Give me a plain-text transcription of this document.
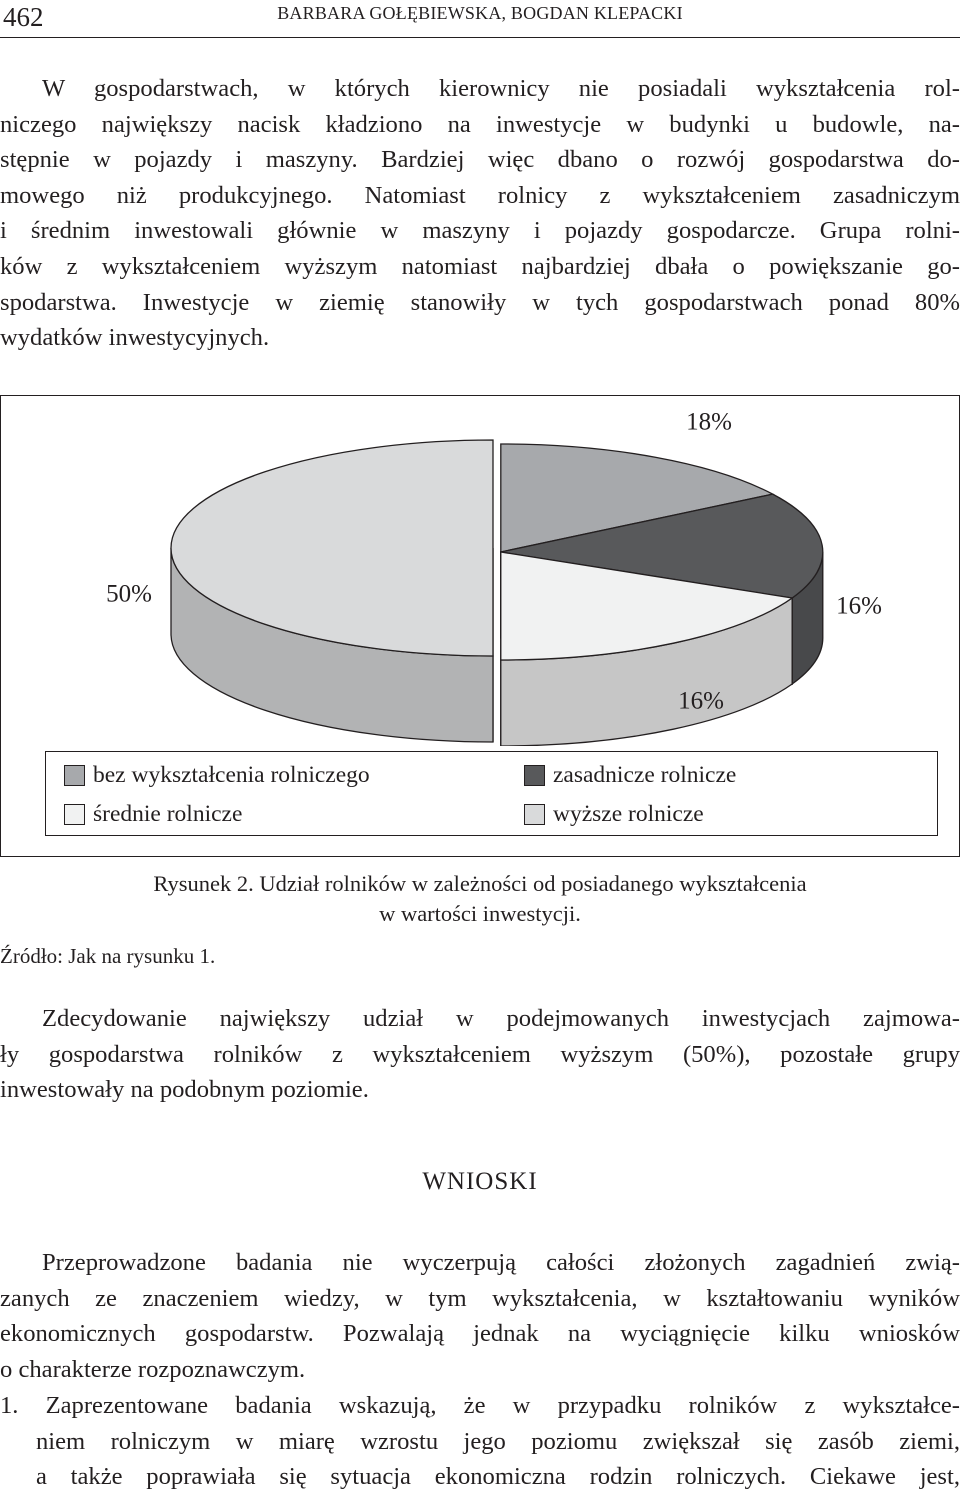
462	BARBARA GOŁĘBIEWSKA, BOGDAN KLEPACKI
W gospodarstwach, w których kierownicy nie posiadali wykształcenia rol-
niczego największy nacisk kładziono na inwestycje w budynki u budowle, na-
stępnie w pojazdy i maszyny. Bardziej więc dbano o rozwój gospodarstwa do-
mowego niż produkcyjnego. Natomiast rolnicy z wykształceniem zasadniczym
i średnim inwestowali głównie w maszyny i pojazdy gospodarcze. Grupa rolni-
ków z wykształceniem wyższym natomiast najbardziej dbała o powiększanie go-
spodarstwa. Inwestycje w ziemię stanowiły w tych gospodarstwach ponad 80%
wydatków inwestycyjnych.
16%
16%
18%
50%
bez wykształcenia rolniczego	zasadnicze rolnicze
średnie rolnicze	wyższe rolnicze
Rysunek 2. Udział rolników w zależności od posiadanego wykształcenia
w wartości inwestycji.
Źródło: Jak na rysunku 1.
Zdecydowanie największy udział w podejmowanych inwestycjach zajmowa-
ły gospodarstwa rolników z wykształceniem wyższym (50%), pozostałe grupy
inwestowały na podobnym poziomie.
WNIOSKI
Przeprowadzone badania nie wyczerpują całości złożonych zagadnień zwią-
zanych ze znaczeniem wiedzy, w tym wykształcenia, w kształtowaniu wyników
ekonomicznych gospodarstw. Pozwalają jednak na wyciągnięcie kilku wniosków
o charakterze rozpoznawczym.
1. Zaprezentowane badania wskazują, że w przypadku rolników z wykształce-
niem rolniczym w miarę wzrostu jego poziomu zwiększał się zasób ziemi,
a także poprawiała się sytuacja ekonomiczna rodzin rolniczych. Ciekawe jest,
